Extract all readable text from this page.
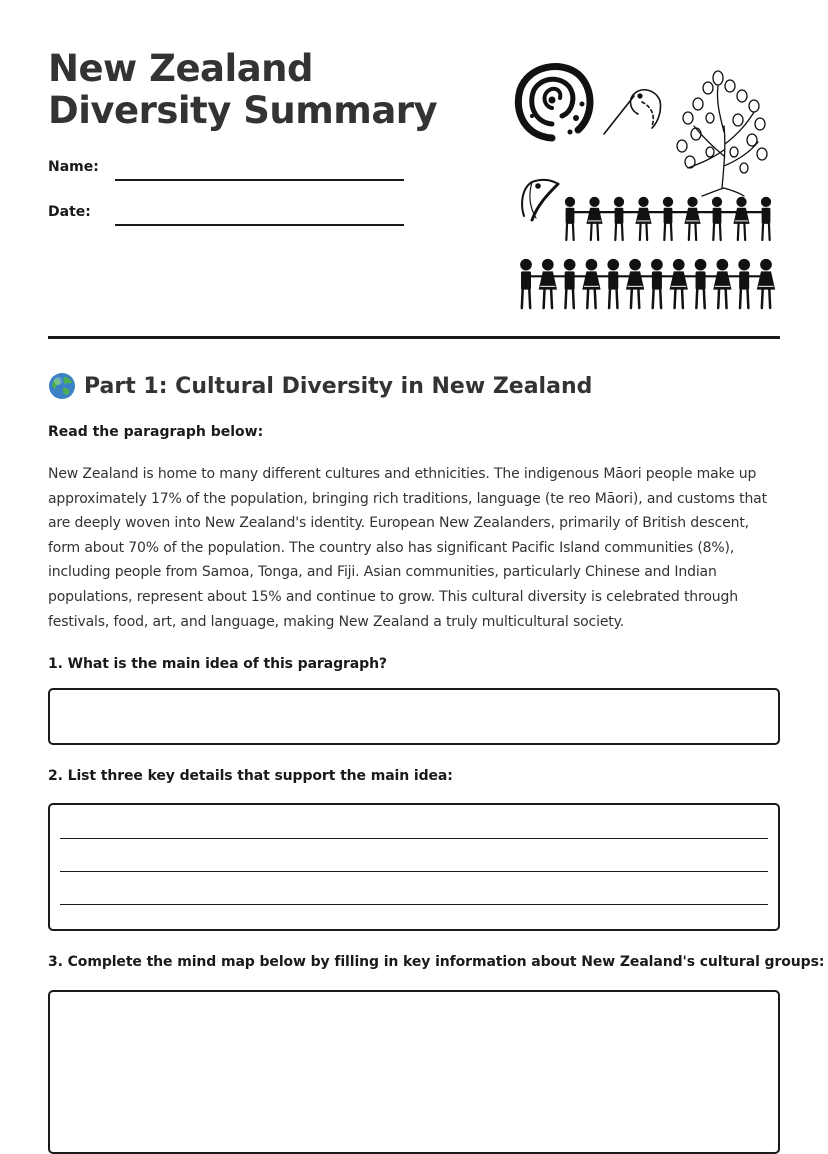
New Zealand Diversity Summary
Name:
Date:
Part 1: Cultural Diversity in New Zealand

Read the paragraph below:

New Zealand is home to many different cultures and ethnicities. The indigenous Māori people make up approximately 17% of the population, bringing rich traditions, language (te reo Māori), and customs that are deeply woven into New Zealand's identity. European New Zealanders, primarily of British descent, form about 70% of the population. The country also has significant Pacific Island communities (8%), including people from Samoa, Tonga, and Fiji. Asian communities, particularly Chinese and Indian populations, represent about 15% and continue to grow. This cultural diversity is celebrated through festivals, food, art, and language, making New Zealand a truly multicultural society.

1. What is the main idea of this paragraph?

2. List three key details that support the main idea:

3. Complete the mind map below by filling in key information about New Zealand's cultural groups:
